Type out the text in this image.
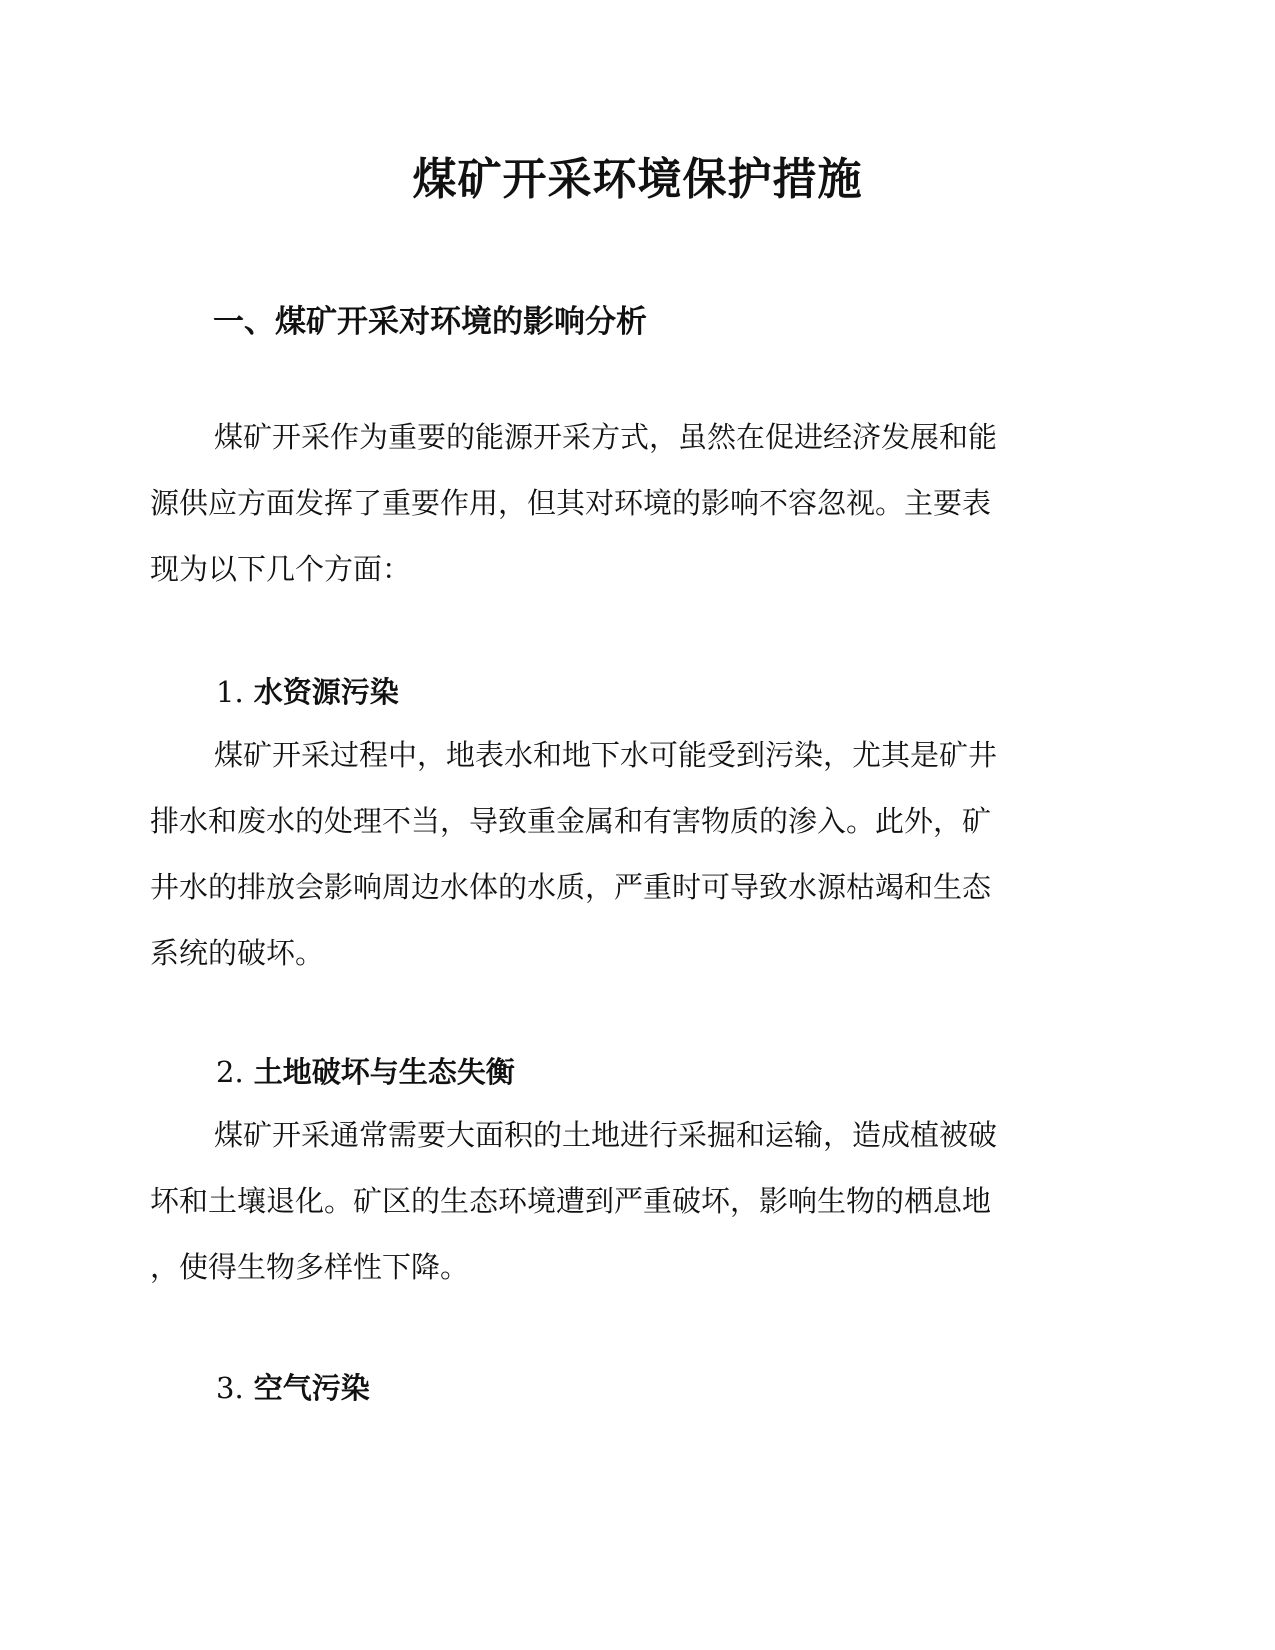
煤矿开采环境保护措施
一、煤矿开采对环境的影响分析

煤矿开采作为重要的能源开采方式，虽然在促进经济发展和能
源供应方面发挥了重要作用，但其对环境的影响不容忽视。主要表
现为以下几个方面：

1. 水资源污染

煤矿开采过程中，地表水和地下水可能受到污染，尤其是矿井
排水和废水的处理不当，导致重金属和有害物质的渗入。此外，矿
井水的排放会影响周边水体的水质，严重时可导致水源枯竭和生态
系统的破坏。

2. 土地破坏与生态失衡

煤矿开采通常需要大面积的土地进行采掘和运输，造成植被破
坏和土壤退化。矿区的生态环境遭到严重破坏，影响生物的栖息地
，使得生物多样性下降。

3. 空气污染
